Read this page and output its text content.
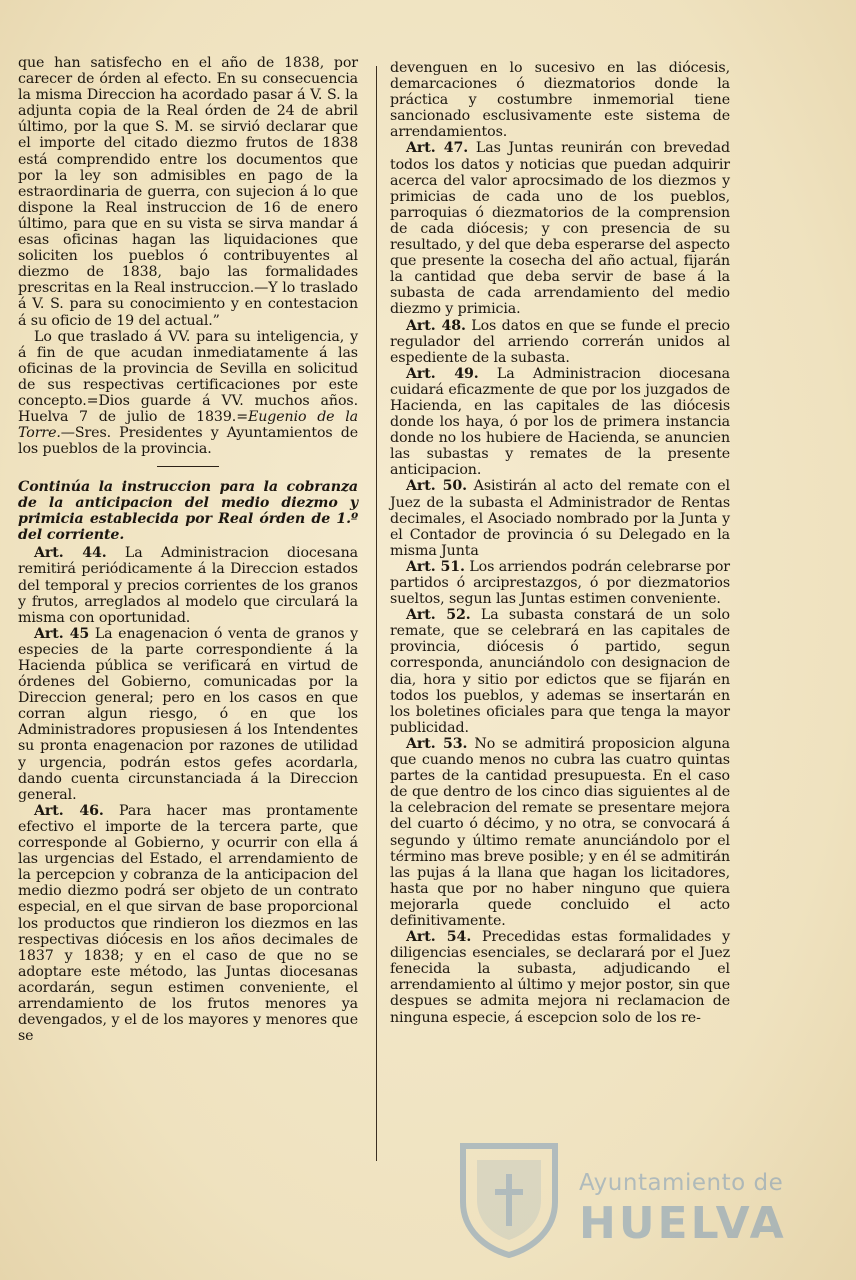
que han satisfecho en el año de 1838, por carecer de órden al efecto. En su consecuencia la misma Direccion ha acordado pasar á V. S. la adjunta copia de la Real órden de 24 de abril último, por la que S. M. se sirvió declarar que el importe del citado diezmo frutos de 1838 está comprendido entre los documentos que por la ley son admisibles en pago de la estraordinaria de guerra, con sujecion á lo que dispone la Real instruccion de 16 de enero último, para que en su vista se sirva mandar á esas oficinas hagan las liquidaciones que soliciten los pueblos ó contribuyentes al diezmo de 1838, bajo las formalidades prescritas en la Real instruccion.—Y lo traslado á V. S. para su conocimiento y en contestacion á su oficio de 19 del actual.”

Lo que traslado á VV. para su inteligencia, y á fin de que acudan inmediatamente á las oficinas de la provincia de Sevilla en solicitud de sus respectivas certificaciones por este concepto.=Dios guarde á VV. muchos años. Huelva 7 de julio de 1839.=Eugenio de la Torre.—Sres. Presidentes y Ayuntamientos de los pueblos de la provincia.

Continúa la instruccion para la cobranza de la anticipacion del medio diezmo y primicia establecida por Real órden de 1.º del corriente.

Art. 44. La Administracion diocesana remitirá periódicamente á la Direccion estados del temporal y precios corrientes de los granos y frutos, arreglados al modelo que circulará la misma con oportunidad.

Art. 45 La enagenacion ó venta de granos y especies de la parte correspondiente á la Hacienda pública se verificará en virtud de órdenes del Gobierno, comunicadas por la Direccion general; pero en los casos en que corran algun riesgo, ó en que los Administradores propusiesen á los Intendentes su pronta enagenacion por razones de utilidad y urgencia, podrán estos gefes acordarla, dando cuenta circunstanciada á la Direccion general.

Art. 46. Para hacer mas prontamente efectivo el importe de la tercera parte, que corresponde al Gobierno, y ocurrir con ella á las urgencias del Estado, el arrendamiento de la percepcion y cobranza de la anticipacion del medio diezmo podrá ser objeto de un contrato especial, en el que sirvan de base proporcional los productos que rindieron los diezmos en las respectivas diócesis en los años decimales de 1837 y 1838; y en el caso de que no se adoptare este método, las Juntas diocesanas acordarán, segun estimen conveniente, el arrendamiento de los frutos menores ya devengados, y el de los mayores y menores que se

devenguen en lo sucesivo en las diócesis, demarcaciones ó diezmatorios donde la práctica y costumbre inmemorial tiene sancionado esclusivamente este sistema de arrendamientos.

Art. 47. Las Juntas reunirán con brevedad todos los datos y noticias que puedan adquirir acerca del valor aprocsimado de los diezmos y primicias de cada uno de los pueblos, parroquias ó diezmatorios de la comprension de cada diócesis; y con presencia de su resultado, y del que deba esperarse del aspecto que presente la cosecha del año actual, fijarán la cantidad que deba servir de base á la subasta de cada arrendamiento del medio diezmo y primicia.

Art. 48. Los datos en que se funde el precio regulador del arriendo correrán unidos al espediente de la subasta.

Art. 49. La Administracion diocesana cuidará eficazmente de que por los juzgados de Hacienda, en las capitales de las diócesis donde los haya, ó por los de primera instancia donde no los hubiere de Hacienda, se anuncien las subastas y remates de la presente anticipacion.

Art. 50. Asistirán al acto del remate con el Juez de la subasta el Administrador de Rentas decimales, el Asociado nombrado por la Junta y el Contador de provincia ó su Delegado en la misma Junta

Art. 51. Los arriendos podrán celebrarse por partidos ó arciprestazgos, ó por diezmatorios sueltos, segun las Juntas estimen conveniente.

Art. 52. La subasta constará de un solo remate, que se celebrará en las capitales de provincia, diócesis ó partido, segun corresponda, anunciándolo con designacion de dia, hora y sitio por edictos que se fijarán en todos los pueblos, y ademas se insertarán en los boletines oficiales para que tenga la mayor publicidad.

Art. 53. No se admitirá proposicion alguna que cuando menos no cubra las cuatro quintas partes de la cantidad presupuesta. En el caso de que dentro de los cinco dias siguientes al de la celebracion del remate se presentare mejora del cuarto ó décimo, y no otra, se convocará á segundo y último remate anunciándolo por el término mas breve posible; y en él se admitirán las pujas á la llana que hagan los licitadores, hasta que por no haber ninguno que quiera mejorarla quede concluido el acto definitivamente.

Art. 54. Precedidas estas formalidades y diligencias esenciales, se declarará por el Juez fenecida la subasta, adjudicando el arrendamiento al último y mejor postor, sin que despues se admita mejora ni reclamacion de ninguna especie, á escepcion solo de los re-

Ayuntamiento de
HUELVA
